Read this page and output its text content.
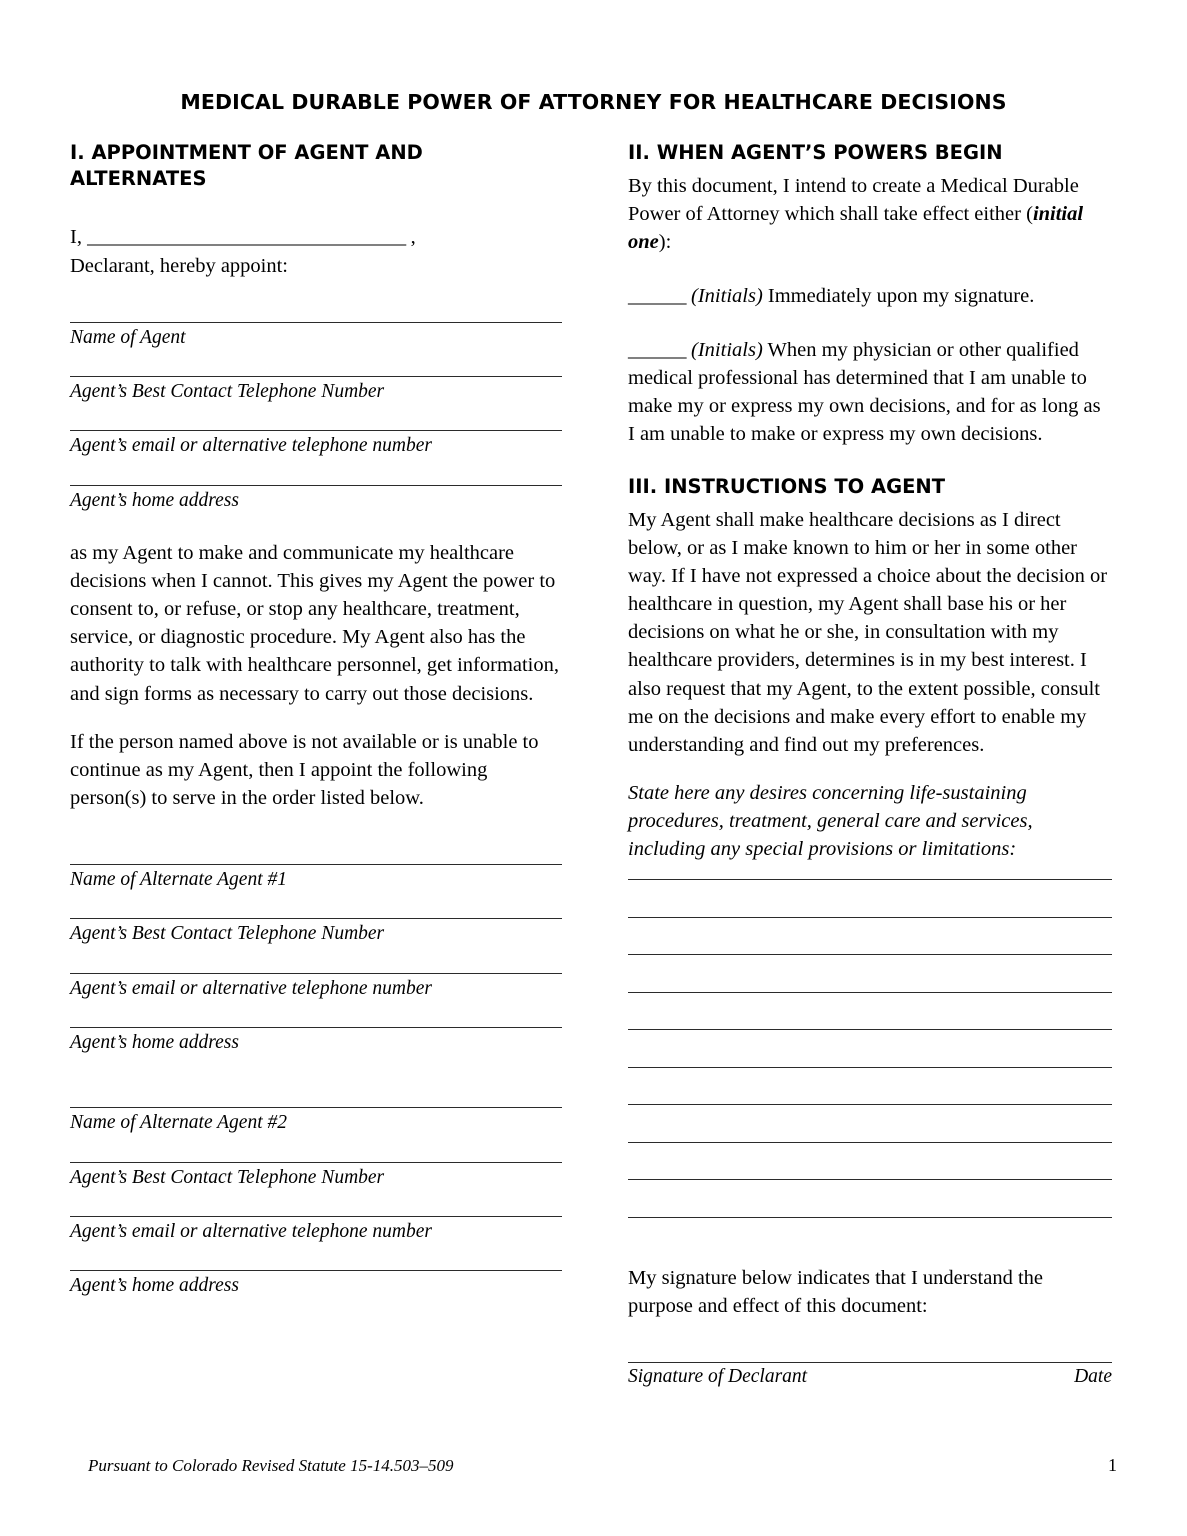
MEDICAL DURABLE POWER OF ATTORNEY FOR HEALTHCARE DECISIONS
I. APPOINTMENT OF AGENT AND ALTERNATES
I, _________________________________ ,
Declarant, hereby appoint:
Name of Agent
Agent’s Best Contact Telephone Number
Agent’s email or alternative telephone number
Agent’s home address

as my Agent to make and communicate my healthcare decisions when I cannot. This gives my Agent the power to consent to, or refuse, or stop any healthcare, treatment, service, or diagnostic procedure. My Agent also has the authority to talk with healthcare personnel, get information, and sign forms as necessary to carry out those decisions.

If the person named above is not available or is unable to continue as my Agent, then I appoint the following person(s) to serve in the order listed below.

Name of Alternate Agent #1
Agent’s Best Contact Telephone Number
Agent’s email or alternative telephone number
Agent’s home address
Name of Alternate Agent #2
Agent’s Best Contact Telephone Number
Agent’s email or alternative telephone number
Agent’s home address
II. WHEN AGENT’S POWERS BEGIN

By this document, I intend to create a Medical Durable Power of Attorney which shall take effect either (initial one):

______ (Initials) Immediately upon my signature.

______ (Initials) When my physician or other qualified medical professional has determined that I am unable to make my or express my own decisions, and for as long as I am unable to make or express my own decisions.

III. INSTRUCTIONS TO AGENT

My Agent shall make healthcare decisions as I direct below, or as I make known to him or her in some other way. If I have not expressed a choice about the decision or healthcare in question, my Agent shall base his or her decisions on what he or she, in consultation with my healthcare providers, determines is in my best interest. I also request that my Agent, to the extent possible, consult me on the decisions and make every effort to enable my understanding and find out my preferences.

State here any desires concerning life-sustaining procedures, treatment, general care and services, including any special provisions or limitations:

My signature below indicates that I understand the purpose and effect of this document:

Signature of Declarant	Date
Pursuant to Colorado Revised Statute 15-14.503–509	1
